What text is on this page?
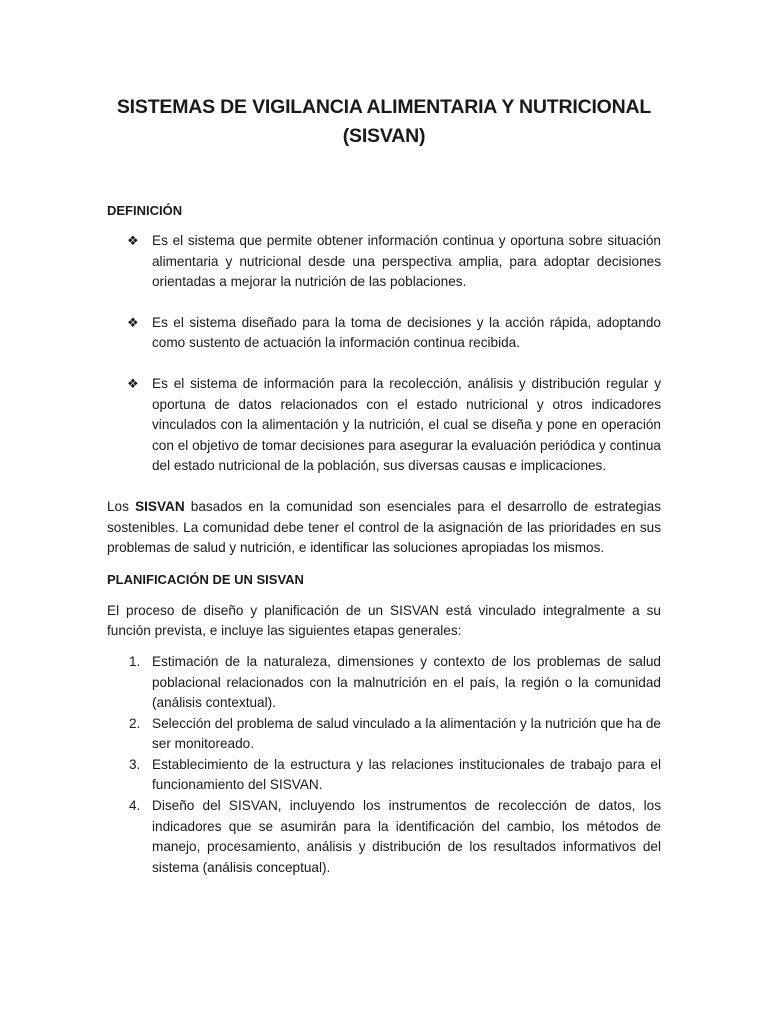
SISTEMAS DE VIGILANCIA ALIMENTARIA Y NUTRICIONAL (SISVAN)

DEFINICIÓN

❖ Es el sistema que permite obtener información continua y oportuna sobre situación alimentaria y nutricional desde una perspectiva amplia, para adoptar decisiones orientadas a mejorar la nutrición de las poblaciones.
❖ Es el sistema diseñado para la toma de decisiones y la acción rápida, adoptando como sustento de actuación la información continua recibida.
❖ Es el sistema de información para la recolección, análisis y distribución regular y oportuna de datos relacionados con el estado nutricional y otros indicadores vinculados con la alimentación y la nutrición, el cual se diseña y pone en operación con el objetivo de tomar decisiones para asegurar la evaluación periódica y continua del estado nutricional de la población, sus diversas causas e implicaciones.

Los SISVAN basados en la comunidad son esenciales para el desarrollo de estrategias sostenibles. La comunidad debe tener el control de la asignación de las prioridades en sus problemas de salud y nutrición, e identificar las soluciones apropiadas los mismos.

PLANIFICACIÓN DE UN SISVAN

El proceso de diseño y planificación de un SISVAN está vinculado integralmente a su función prevista, e incluye las siguientes etapas generales:

1. Estimación de la naturaleza, dimensiones y contexto de los problemas de salud poblacional relacionados con la malnutrición en el país, la región o la comunidad (análisis contextual).
2. Selección del problema de salud vinculado a la alimentación y la nutrición que ha de ser monitoreado.
3. Establecimiento de la estructura y las relaciones institucionales de trabajo para el funcionamiento del SISVAN.
4. Diseño del SISVAN, incluyendo los instrumentos de recolección de datos, los indicadores que se asumirán para la identificación del cambio, los métodos de manejo, procesamiento, análisis y distribución de los resultados informativos del sistema (análisis conceptual).
